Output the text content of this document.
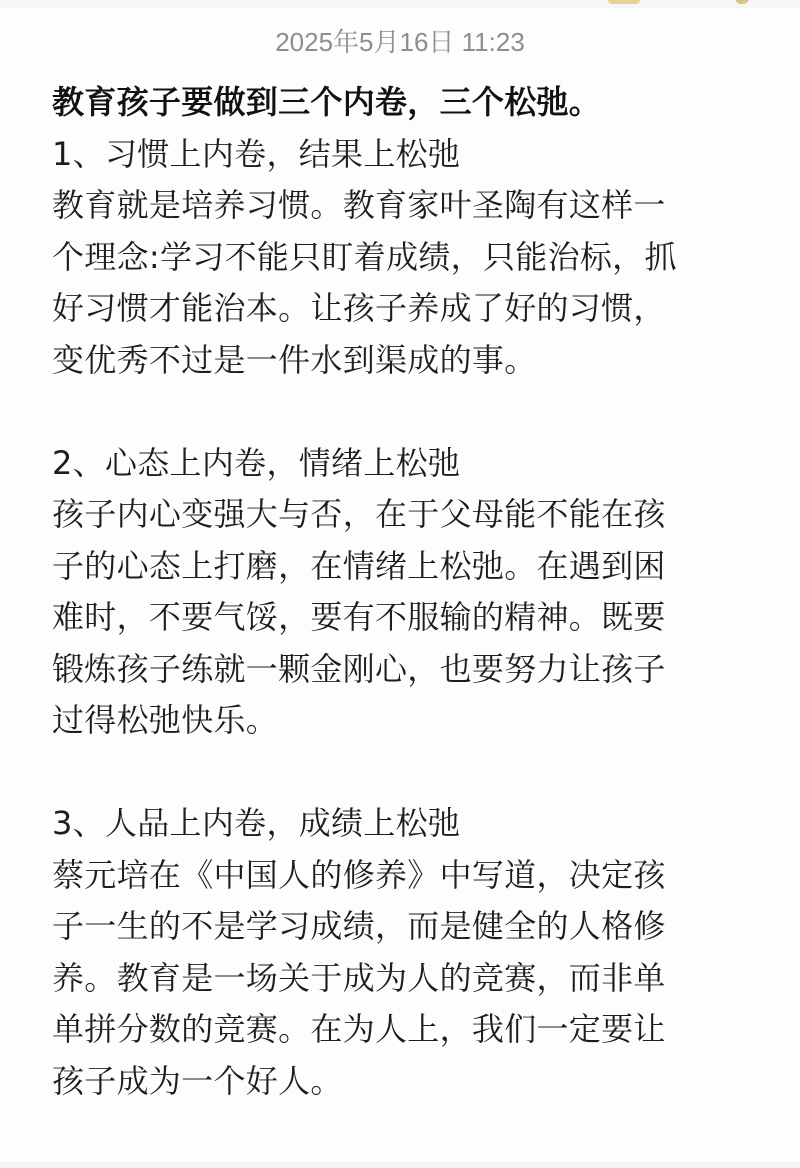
2025年5月16日 11:23
教育孩子要做到三个内卷，三个松弛。
1、习惯上内卷，结果上松弛
教育就是培养习惯。教育家叶圣陶有这样一
个理念:学习不能只盯着成绩，只能治标，抓
好习惯才能治本。让孩子养成了好的习惯，
变优秀不过是一件水到渠成的事。
2、心态上内卷，情绪上松弛
孩子内心变强大与否，在于父母能不能在孩
子的心态上打磨，在情绪上松弛。在遇到困
难时，不要气馁，要有不服输的精神。既要
锻炼孩子练就一颗金刚心，也要努力让孩子
过得松弛快乐。
3、人品上内卷，成绩上松弛
蔡元培在《中国人的修养》中写道，决定孩
子一生的不是学习成绩，而是健全的人格修
养。教育是一场关于成为人的竞赛，而非单
单拼分数的竞赛。在为人上，我们一定要让
孩子成为一个好人。
